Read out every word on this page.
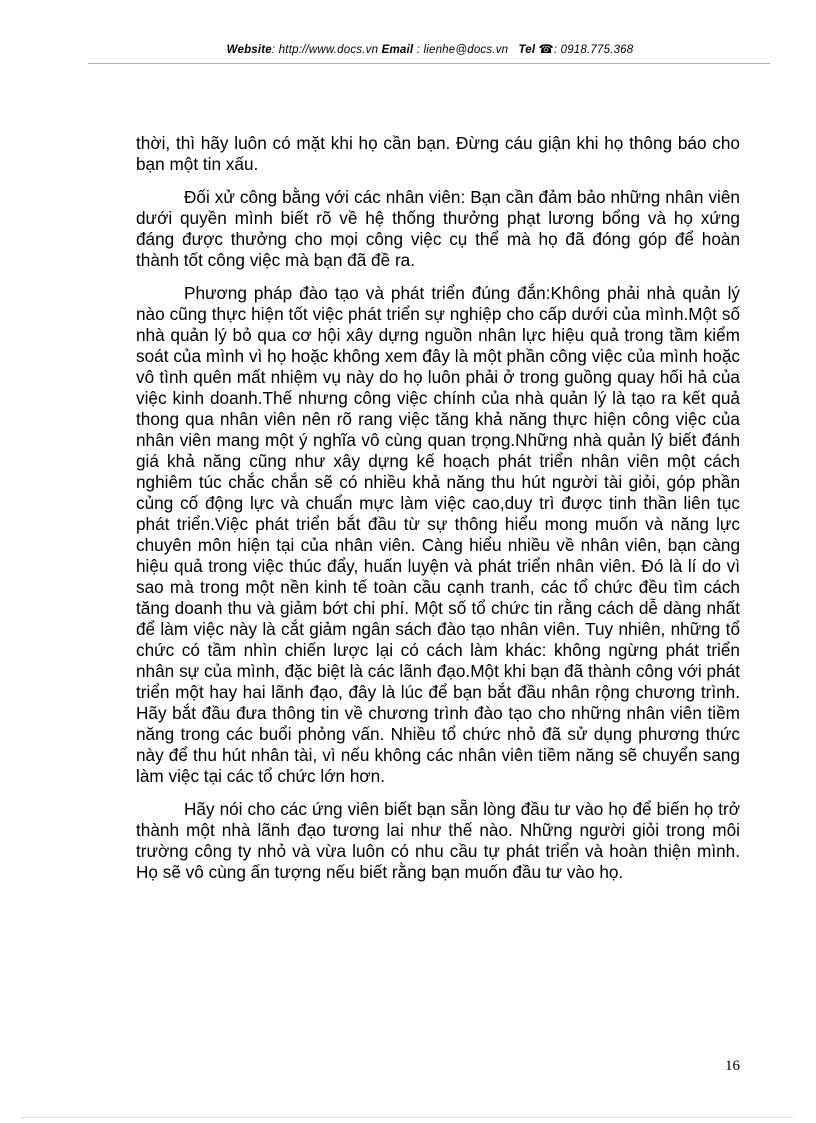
Website: http://www.docs.vn Email : lienhe@docs.vn Tel ☎: 0918.775.368

thời, thì hãy luôn có mặt khi họ cần bạn. Đừng cáu giận khi họ thông báo cho bạn một tin xấu.

Đối xử công bằng với các nhân viên: Bạn cần đảm bảo những nhân viên dưới quyền mình biết rõ về hệ thống thưởng phạt lương bổng và họ xứng đáng được thưởng cho mọi công việc cụ thể mà họ đã đóng góp để hoàn thành tốt công việc mà bạn đã đề ra.

Phương pháp đào tạo và phát triển đúng đắn:Không phải nhà quản lý nào cũng thực hiện tốt việc phát triển sự nghiệp cho cấp dưới của mình.Một số nhà quản lý bỏ qua cơ hội xây dựng nguồn nhân lực hiệu quả trong tầm kiểm soát của mình vì họ hoặc không xem đây là một phần công việc của mình hoặc vô tình quên mất nhiệm vụ này do họ luôn phải ở trong guồng quay hối hả của việc kinh doanh.Thế nhưng công việc chính của nhà quản lý là tạo ra kết quả thong qua nhân viên nên rõ rang việc tăng khả năng thực hiện công việc của nhân viên mang một ý nghĩa vô cùng quan trọng.Những nhà quản lý biết đánh giá khả năng cũng như xây dựng kế hoạch phát triển nhân viên một cách nghiêm túc chắc chắn sẽ có nhiều khả năng thu hút người tài giỏi, góp phần củng cố động lực và chuẩn mực làm việc cao,duy trì được tinh thần liên tục phát triển.Việc phát triển bắt đầu từ sự thông hiểu mong muốn và năng lực chuyên môn hiện tại của nhân viên. Càng hiểu nhiều về nhân viên, bạn càng hiệu quả trong việc thúc đẩy, huấn luyện và phát triển nhân viên. Đó là lí do vì sao mà trong một nền kinh tế toàn cầu cạnh tranh, các tổ chức đều tìm cách tăng doanh thu và giảm bớt chi phí. Một số tổ chức tin rằng cách dễ dàng nhất để làm việc này là cắt giảm ngân sách đào tạo nhân viên. Tuy nhiên, những tổ chức có tầm nhìn chiến lược lại có cách làm khác: không ngừng phát triển nhân sự của mình, đặc biệt là các lãnh đạo.Một khi bạn đã thành công với phát triển một hay hai lãnh đạo, đây là lúc để bạn bắt đầu nhân rộng chương trình. Hãy bắt đầu đưa thông tin về chương trình đào tạo cho những nhân viên tiềm năng trong các buổi phỏng vấn. Nhiều tổ chức nhỏ đã sử dụng phương thức này để thu hút nhân tài, vì nếu không các nhân viên tiềm năng sẽ chuyển sang làm việc tại các tổ chức lớn hơn.

Hãy nói cho các ứng viên biết bạn sẵn lòng đầu tư vào họ để biến họ trở thành một nhà lãnh đạo tương lai như thế nào. Những người giỏi trong môi trường công ty nhỏ và vừa luôn có nhu cầu tự phát triển và hoàn thiện mình. Họ sẽ vô cùng ấn tượng nếu biết rằng bạn muốn đầu tư vào họ.

16
